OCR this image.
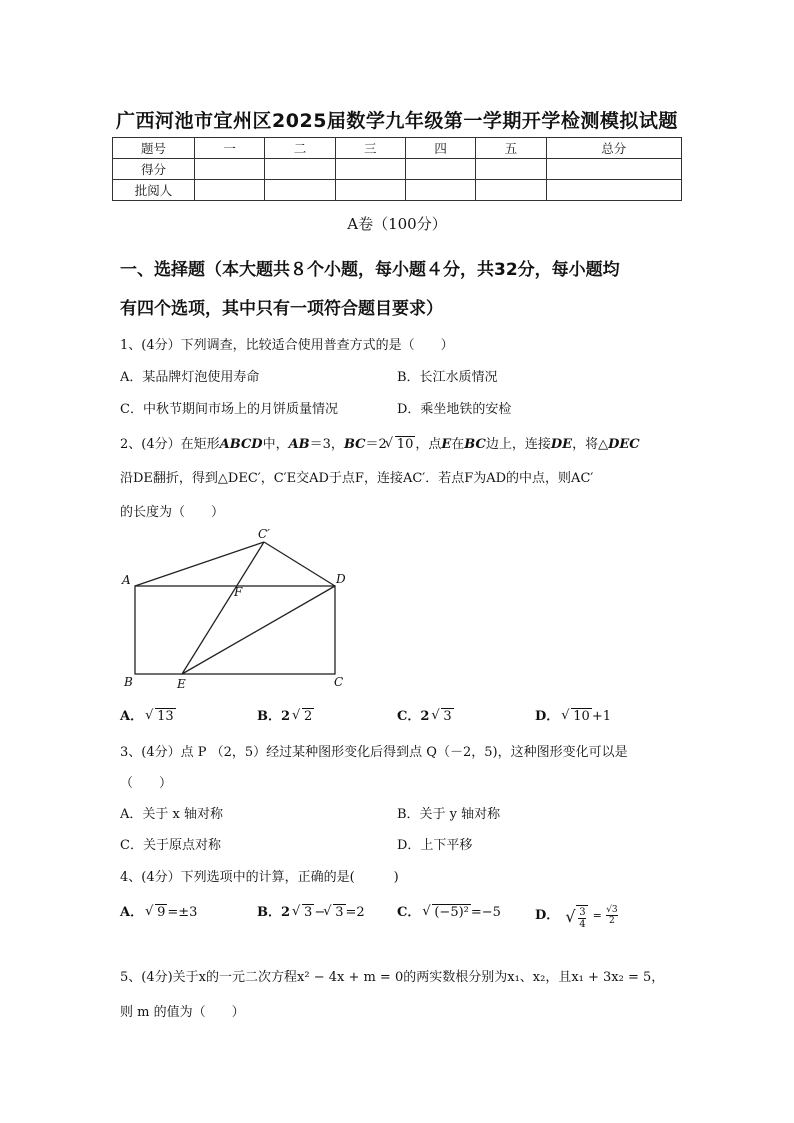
广西河池市宜州区2025届数学九年级第一学期开学检测模拟试题
题号	一	二	三	四	五	总分
得分						
批阅人						
A卷（100分）
一、选择题（本大题共８个小题，每小题４分，共32分，每小题均
有四个选项，其中只有一项符合题目要求）
1、(4分）下列调查，比较适合使用普查方式的是（　　）
A．某品牌灯泡使用寿命	B．长江水质情况
C．中秋节期间市场上的月饼质量情况	D．乘坐地铁的安检
2、(4分）在矩形ABCD中，AB＝3，BC＝2 √ 10 ，点E在BC边上，连接DE，将△DEC
沿DE翻折，得到△DEC′，C′E交AD于点F，连接AC′．若点F为AD的中点，则AC′
的长度为（　　）
A
B	C
D
E
F
C′
A． √ 13	B．2 √ 2	C．2 √ 3	D． √ 10 +1
3、(4分）点 P （2，5）经过某种图形变化后得到点 Q（－2，5)，这种图形变化可以是
（　　）
A．关于 x 轴对称	B．关于 y 轴对称
C．关于原点对称	D．上下平移
4、(4分）下列选项中的计算，正确的是(　　　)
A． √ 9 =±3	B．2 √ 3 − √ 3 =2 C． √ (−5)² =−5	D． √ $\frac{3}{4} = \frac{√3}{2}$
5、(4分)关于x的一元二次方程x² − 4x + m = 0的两实数根分别为x₁、x₂，且x₁ + 3x₂ = 5，
则 m 的值为（　　）
